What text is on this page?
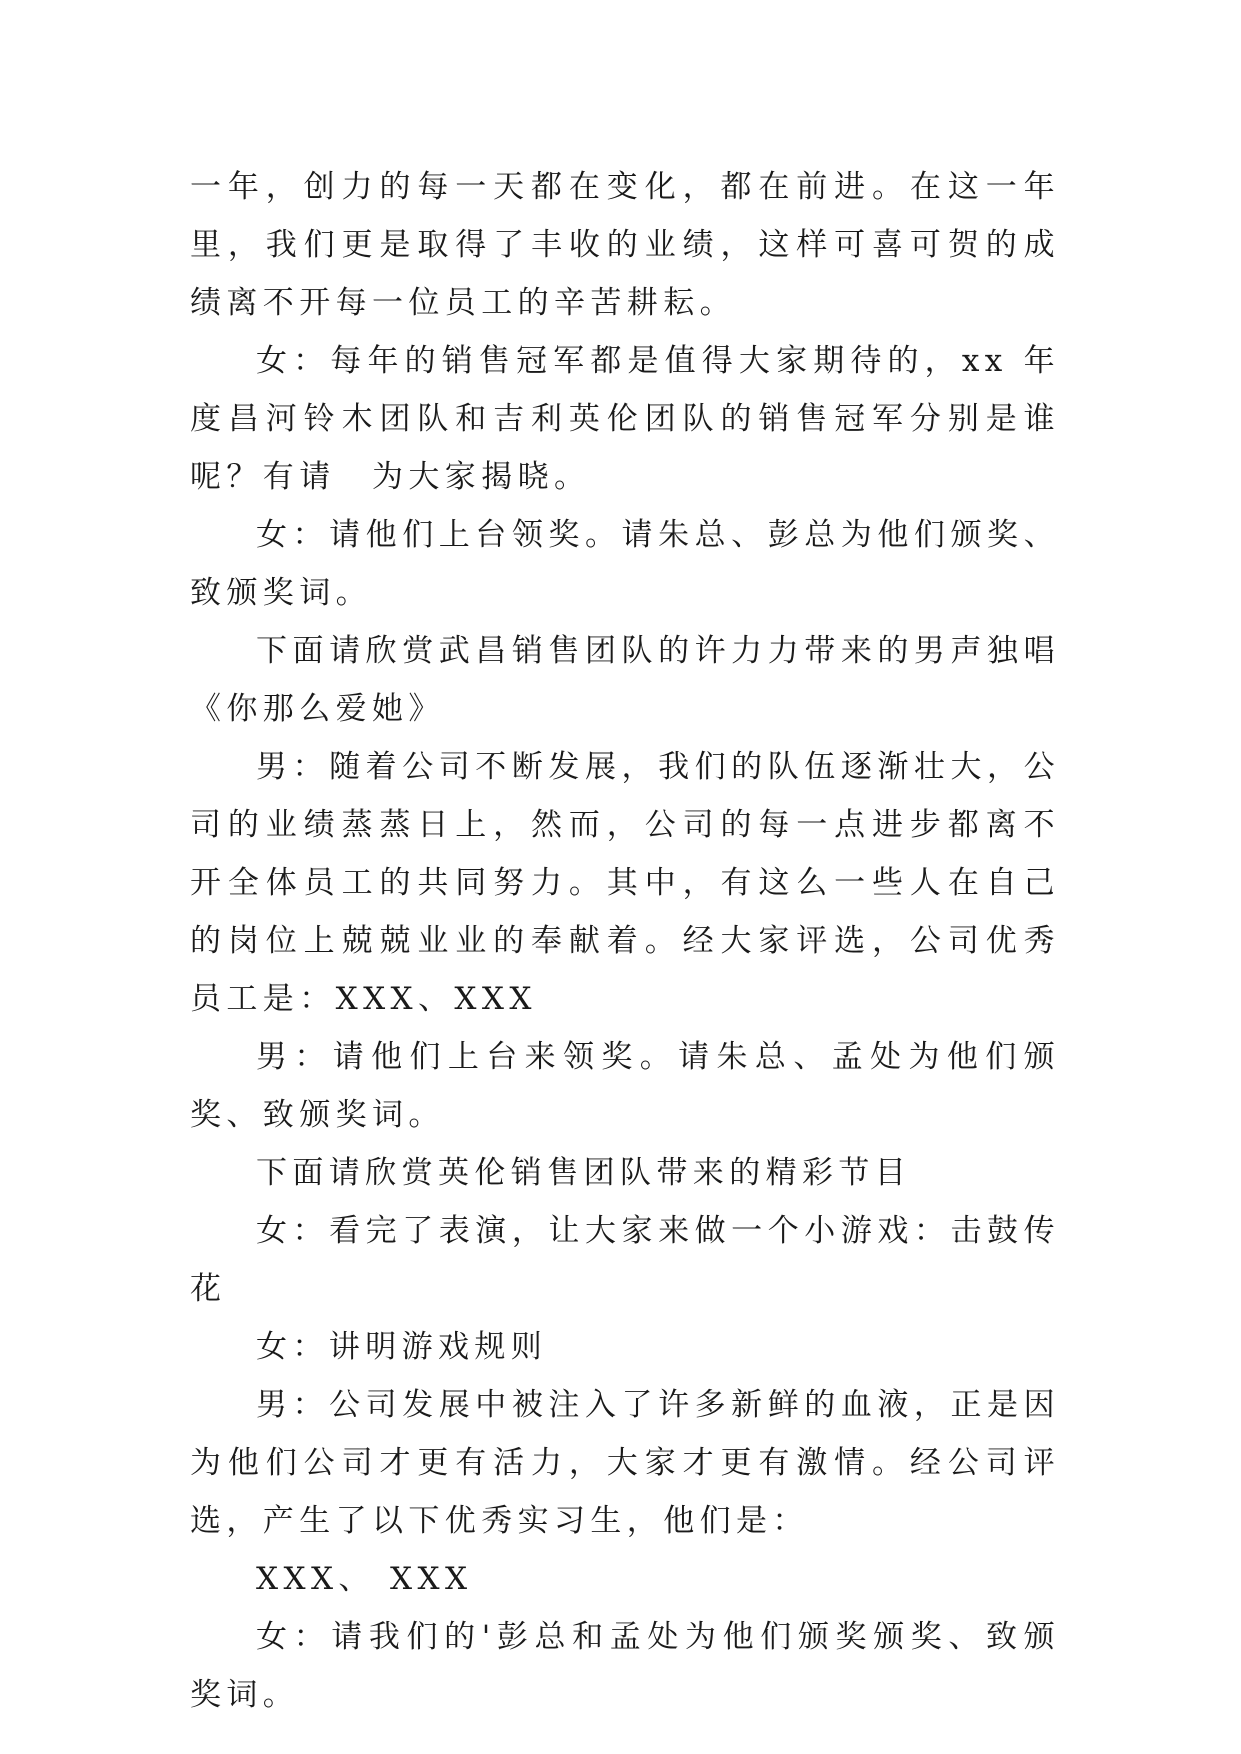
一年，创力的每一天都在变化，都在前进。在这一年里，我们更是取得了丰收的业绩，这样可喜可贺的成绩离不开每一位员工的辛苦耕耘。

女：每年的销售冠军都是值得大家期待的，xx 年度昌河铃木团队和吉利英伦团队的销售冠军分别是谁呢？有请　为大家揭晓。

女：请他们上台领奖。请朱总、彭总为他们颁奖、致颁奖词。

下面请欣赏武昌销售团队的许力力带来的男声独唱《你那么爱她》

男：随着公司不断发展，我们的队伍逐渐壮大，公司的业绩蒸蒸日上，然而，公司的每一点进步都离不开全体员工的共同努力。其中，有这么一些人在自己的岗位上兢兢业业的奉献着。经大家评选，公司优秀员工是：XXX、XXX

男：请他们上台来领奖。请朱总、孟处为他们颁奖、致颁奖词。

下面请欣赏英伦销售团队带来的精彩节目

女：看完了表演，让大家来做一个小游戏：击鼓传花

女：讲明游戏规则

男：公司发展中被注入了许多新鲜的血液，正是因为他们公司才更有活力，大家才更有激情。经公司评选，产生了以下优秀实习生，他们是：

XXX、 XXX

女：请我们的'彭总和孟处为他们颁奖颁奖、致颁奖词。
